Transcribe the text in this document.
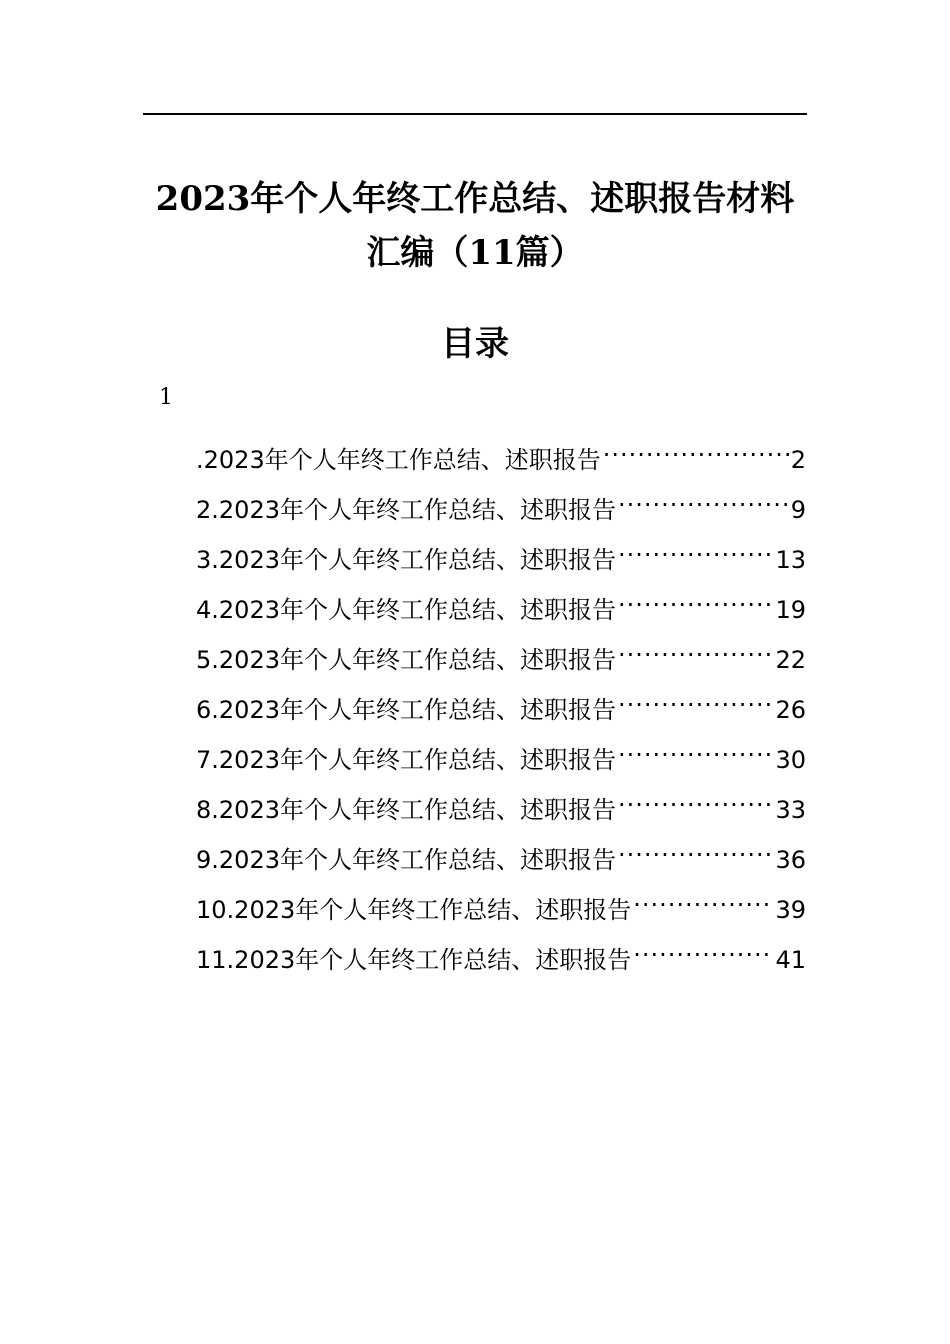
2023年个人年终工作总结、述职报告材料
汇编（11篇）
目录
1
.2023年个人年终工作总结、述职报告 .....	2
2.2023年个人年终工作总结、述职报告 .....	9
3.2023年个人年终工作总结、述职报告 .....	13
4.2023年个人年终工作总结、述职报告 .....	19
5.2023年个人年终工作总结、述职报告 .....	22
6.2023年个人年终工作总结、述职报告 .....	26
7.2023年个人年终工作总结、述职报告 .....	30
8.2023年个人年终工作总结、述职报告 .....	33
9.2023年个人年终工作总结、述职报告 .....	36
10.2023年个人年终工作总结、述职报告 .....	39
11.2023年个人年终工作总结、述职报告 .....	41
